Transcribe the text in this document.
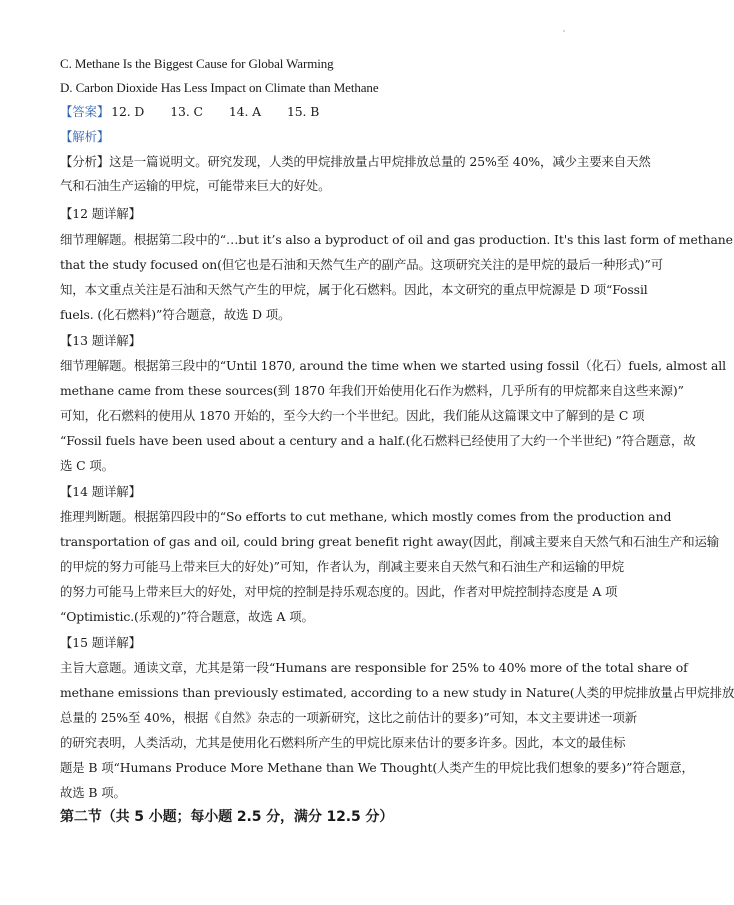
C. Methane Is the Biggest Cause for Global Warming
D. Carbon Dioxide Has Less Impact on Climate than Methane
【答案】 12. D 13. C 14. A 15. B
【解析】
【分析】这是一篇说明文。研究发现，人类的甲烷排放量占甲烷排放总量的 25%至 40%，减少主要来自天然
气和石油生产运输的甲烷，可能带来巨大的好处。
【12 题详解】
细节理解题。根据第二段中的“…but it’s also a byproduct of oil and gas production. It's this last form of methane
that the study focused on(但它也是石油和天然气生产的副产品。这项研究关注的是甲烷的最后一种形式)”可
知，本文重点关注是石油和天然气产生的甲烷，属于化石燃料。因此，本文研究的重点甲烷源是 D 项“Fossil
fuels. (化石燃料)”符合题意，故选 D 项。
【13 题详解】
细节理解题。根据第三段中的“Until 1870, around the time when we started using fossil（化石）fuels, almost all
methane came from these sources(到 1870 年我们开始使用化石作为燃料，几乎所有的甲烷都来自这些来源)”
可知，化石燃料的使用从 1870 开始的，至今大约一个半世纪。因此，我们能从这篇课文中了解到的是 C 项
“Fossil fuels have been used about a century and a half.(化石燃料已经使用了大约一个半世纪) ”符合题意，故
选 C 项。
【14 题详解】
推理判断题。根据第四段中的“So efforts to cut methane, which mostly comes from the production and
transportation of gas and oil, could bring great benefit right away(因此，削减主要来自天然气和石油生产和运输
的甲烷的努力可能马上带来巨大的好处)”可知，作者认为，削减主要来自天然气和石油生产和运输的甲烷
的努力可能马上带来巨大的好处，对甲烷的控制是持乐观态度的。因此，作者对甲烷控制持态度是 A 项
“Optimistic.(乐观的)”符合题意，故选 A 项。
【15 题详解】
主旨大意题。通读文章，尤其是第一段“Humans are responsible for 25% to 40% more of the total share of
methane emissions than previously estimated, according to a new study in Nature(人类的甲烷排放量占甲烷排放
总量的 25%至 40%，根据《自然》杂志的一项新研究，这比之前估计的要多)”可知，本文主要讲述一项新
的研究表明，人类活动，尤其是使用化石燃料所产生的甲烷比原来估计的要多许多。因此，本文的最佳标
题是 B 项“Humans Produce More Methane than We Thought(人类产生的甲烷比我们想象的要多)”符合题意，
故选 B 项。
第二节（共 5 小题；每小题 2.5 分，满分 12.5 分）
